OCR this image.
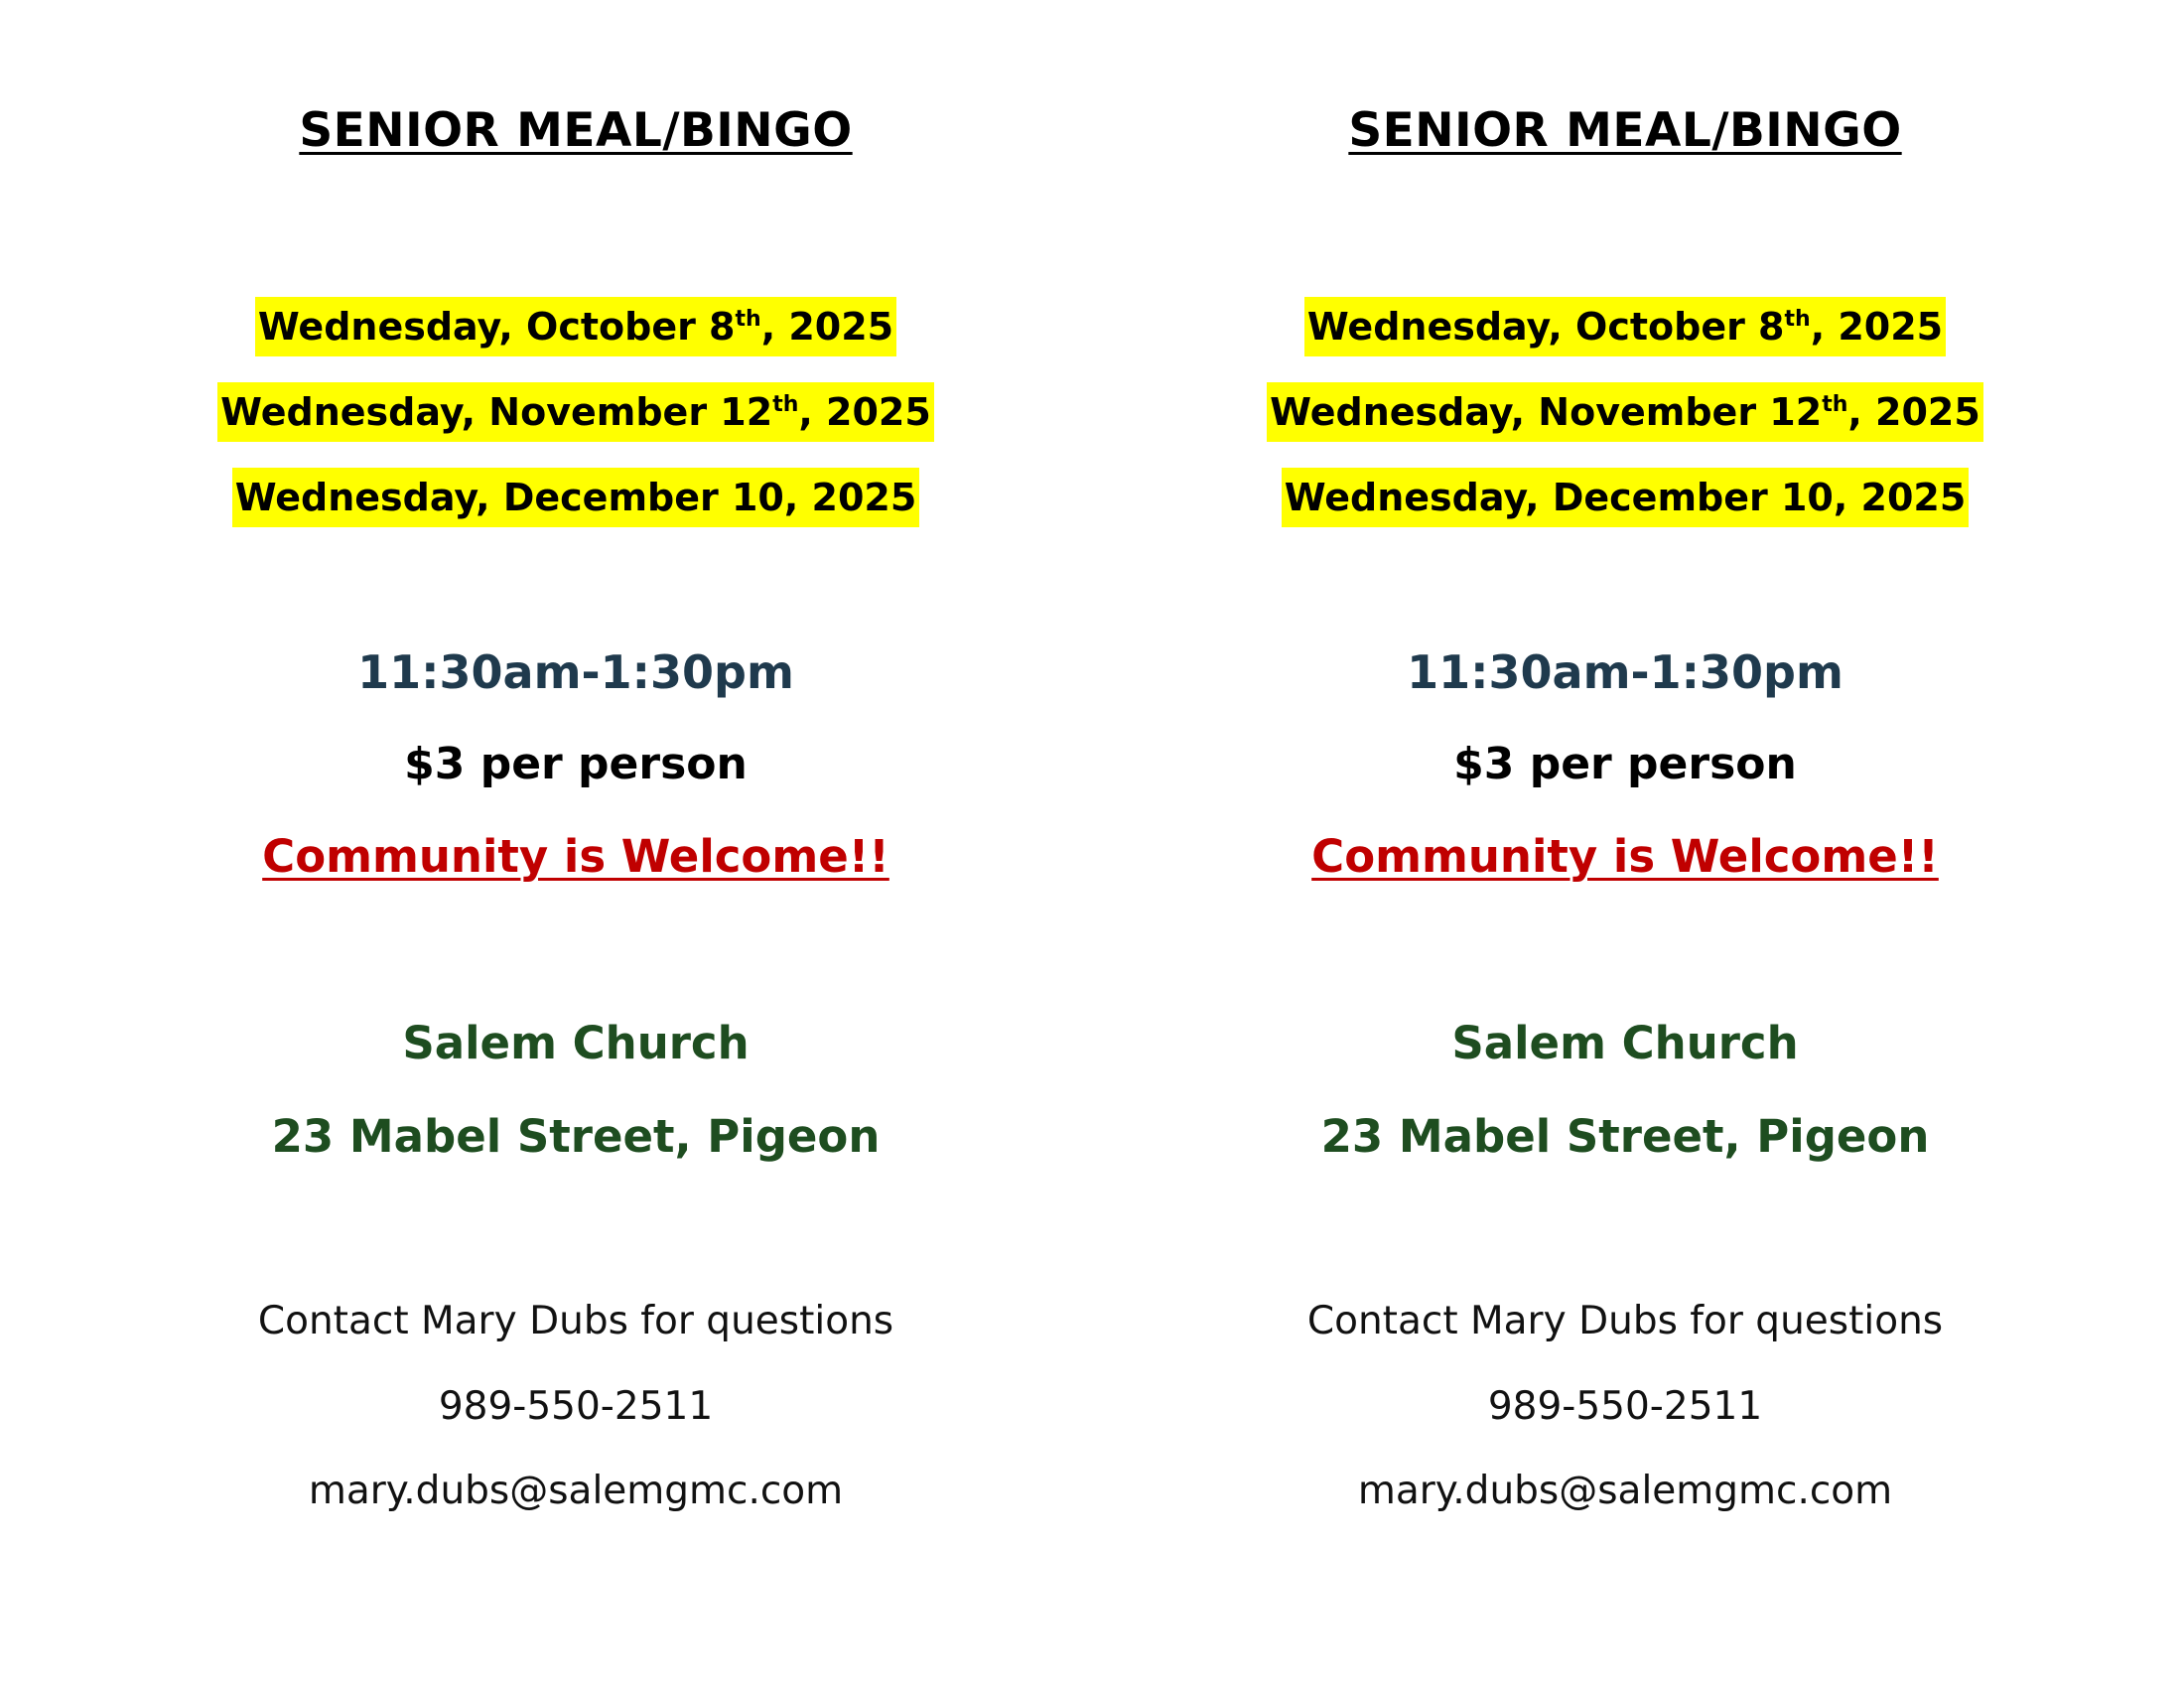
SENIOR MEAL/BINGO
Wednesday, October 8th, 2025
Wednesday, November 12th, 2025
Wednesday, December 10, 2025
11:30am-1:30pm
$3 per person
Community is Welcome!!
Salem Church
23 Mabel Street, Pigeon
Contact Mary Dubs for questions
989-550-2511
mary.dubs@salemgmc.com
SENIOR MEAL/BINGO
Wednesday, October 8th, 2025
Wednesday, November 12th, 2025
Wednesday, December 10, 2025
11:30am-1:30pm
$3 per person
Community is Welcome!!
Salem Church
23 Mabel Street, Pigeon
Contact Mary Dubs for questions
989-550-2511
mary.dubs@salemgmc.com
